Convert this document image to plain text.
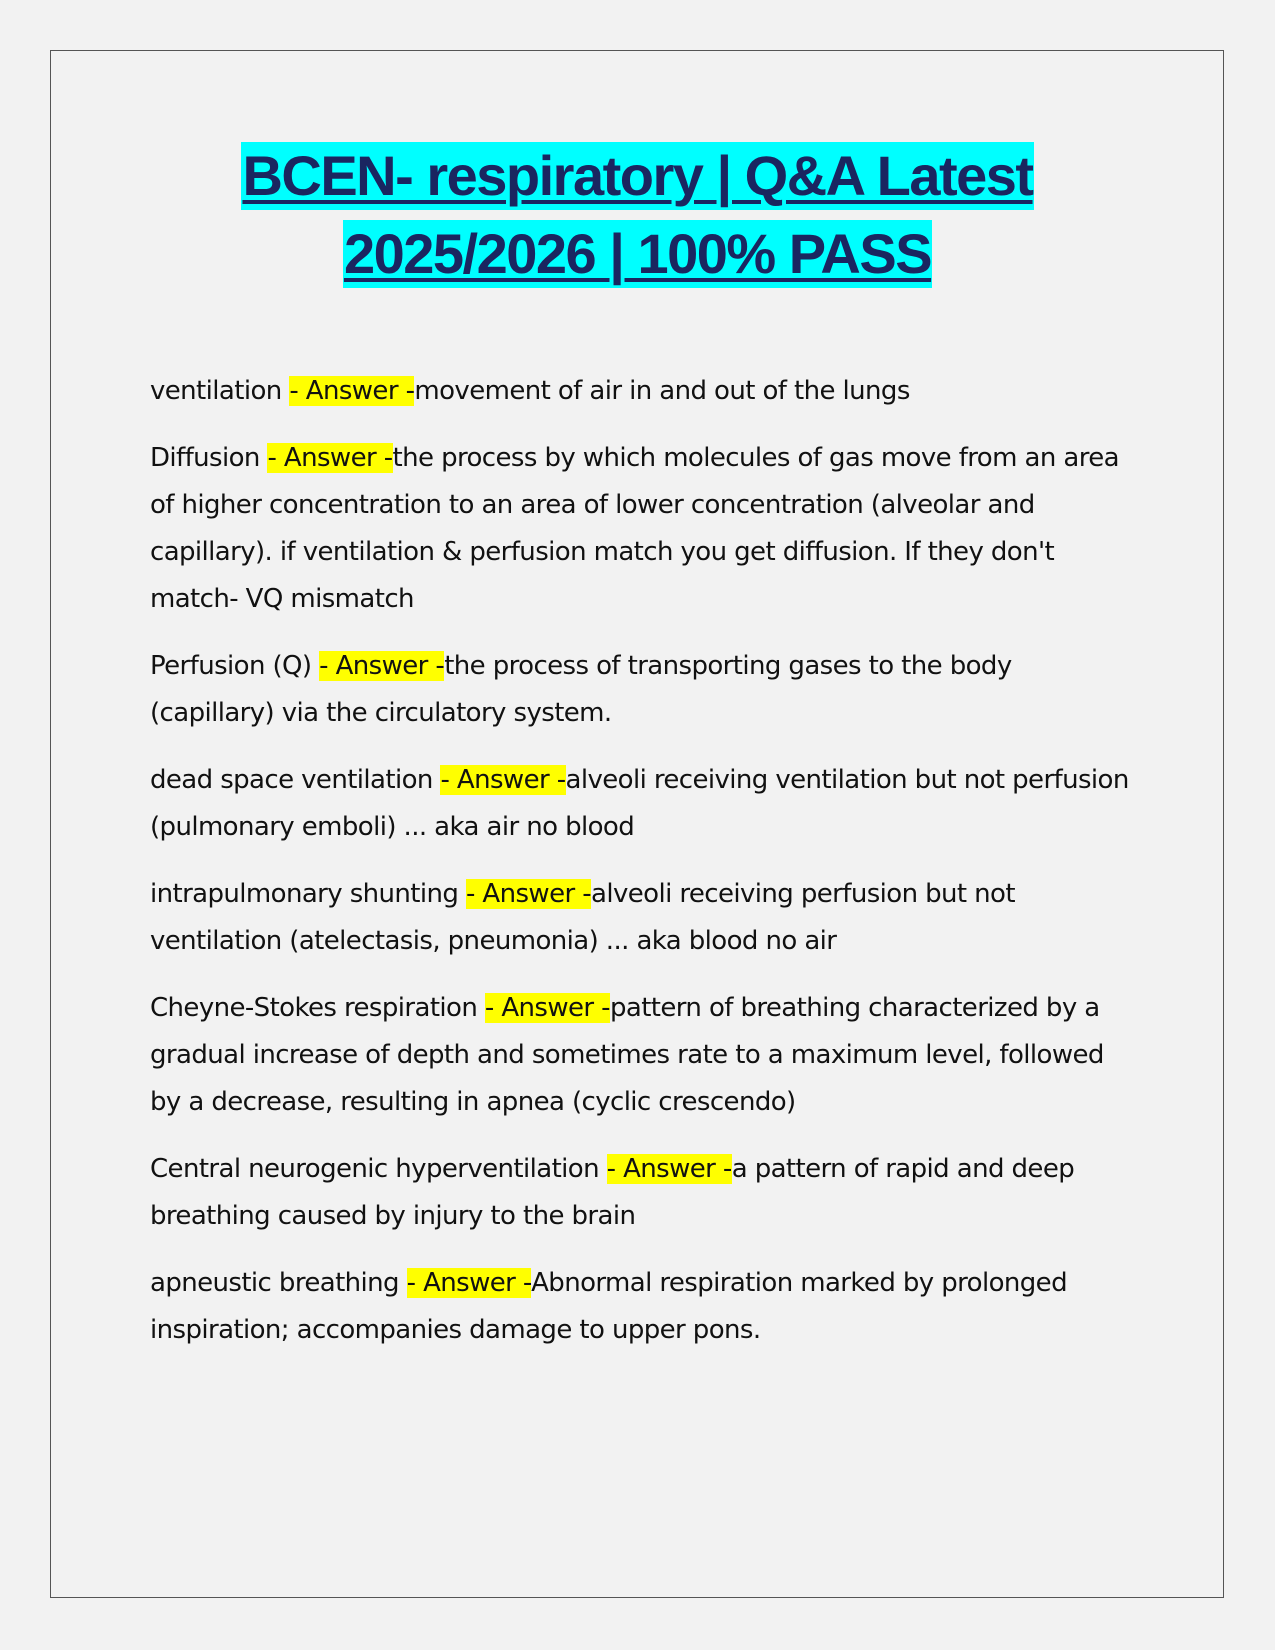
BCEN- respiratory | Q&A Latest
2025/2026 | 100% PASS

ventilation - Answer -movement of air in and out of the lungs

Diffusion - Answer -the process by which molecules of gas move from an area of higher concentration to an area of lower concentration (alveolar and capillary). if ventilation & perfusion match you get diffusion. If they don't match- VQ mismatch

Perfusion (Q) - Answer -the process of transporting gases to the body (capillary) via the circulatory system.

dead space ventilation - Answer -alveoli receiving ventilation but not perfusion (pulmonary emboli) ... aka air no blood

intrapulmonary shunting - Answer -alveoli receiving perfusion but not ventilation (atelectasis, pneumonia) ... aka blood no air

Cheyne-Stokes respiration - Answer -pattern of breathing characterized by a gradual increase of depth and sometimes rate to a maximum level, followed by a decrease, resulting in apnea (cyclic crescendo)

Central neurogenic hyperventilation - Answer -a pattern of rapid and deep breathing caused by injury to the brain

apneustic breathing - Answer -Abnormal respiration marked by prolonged inspiration; accompanies damage to upper pons.
